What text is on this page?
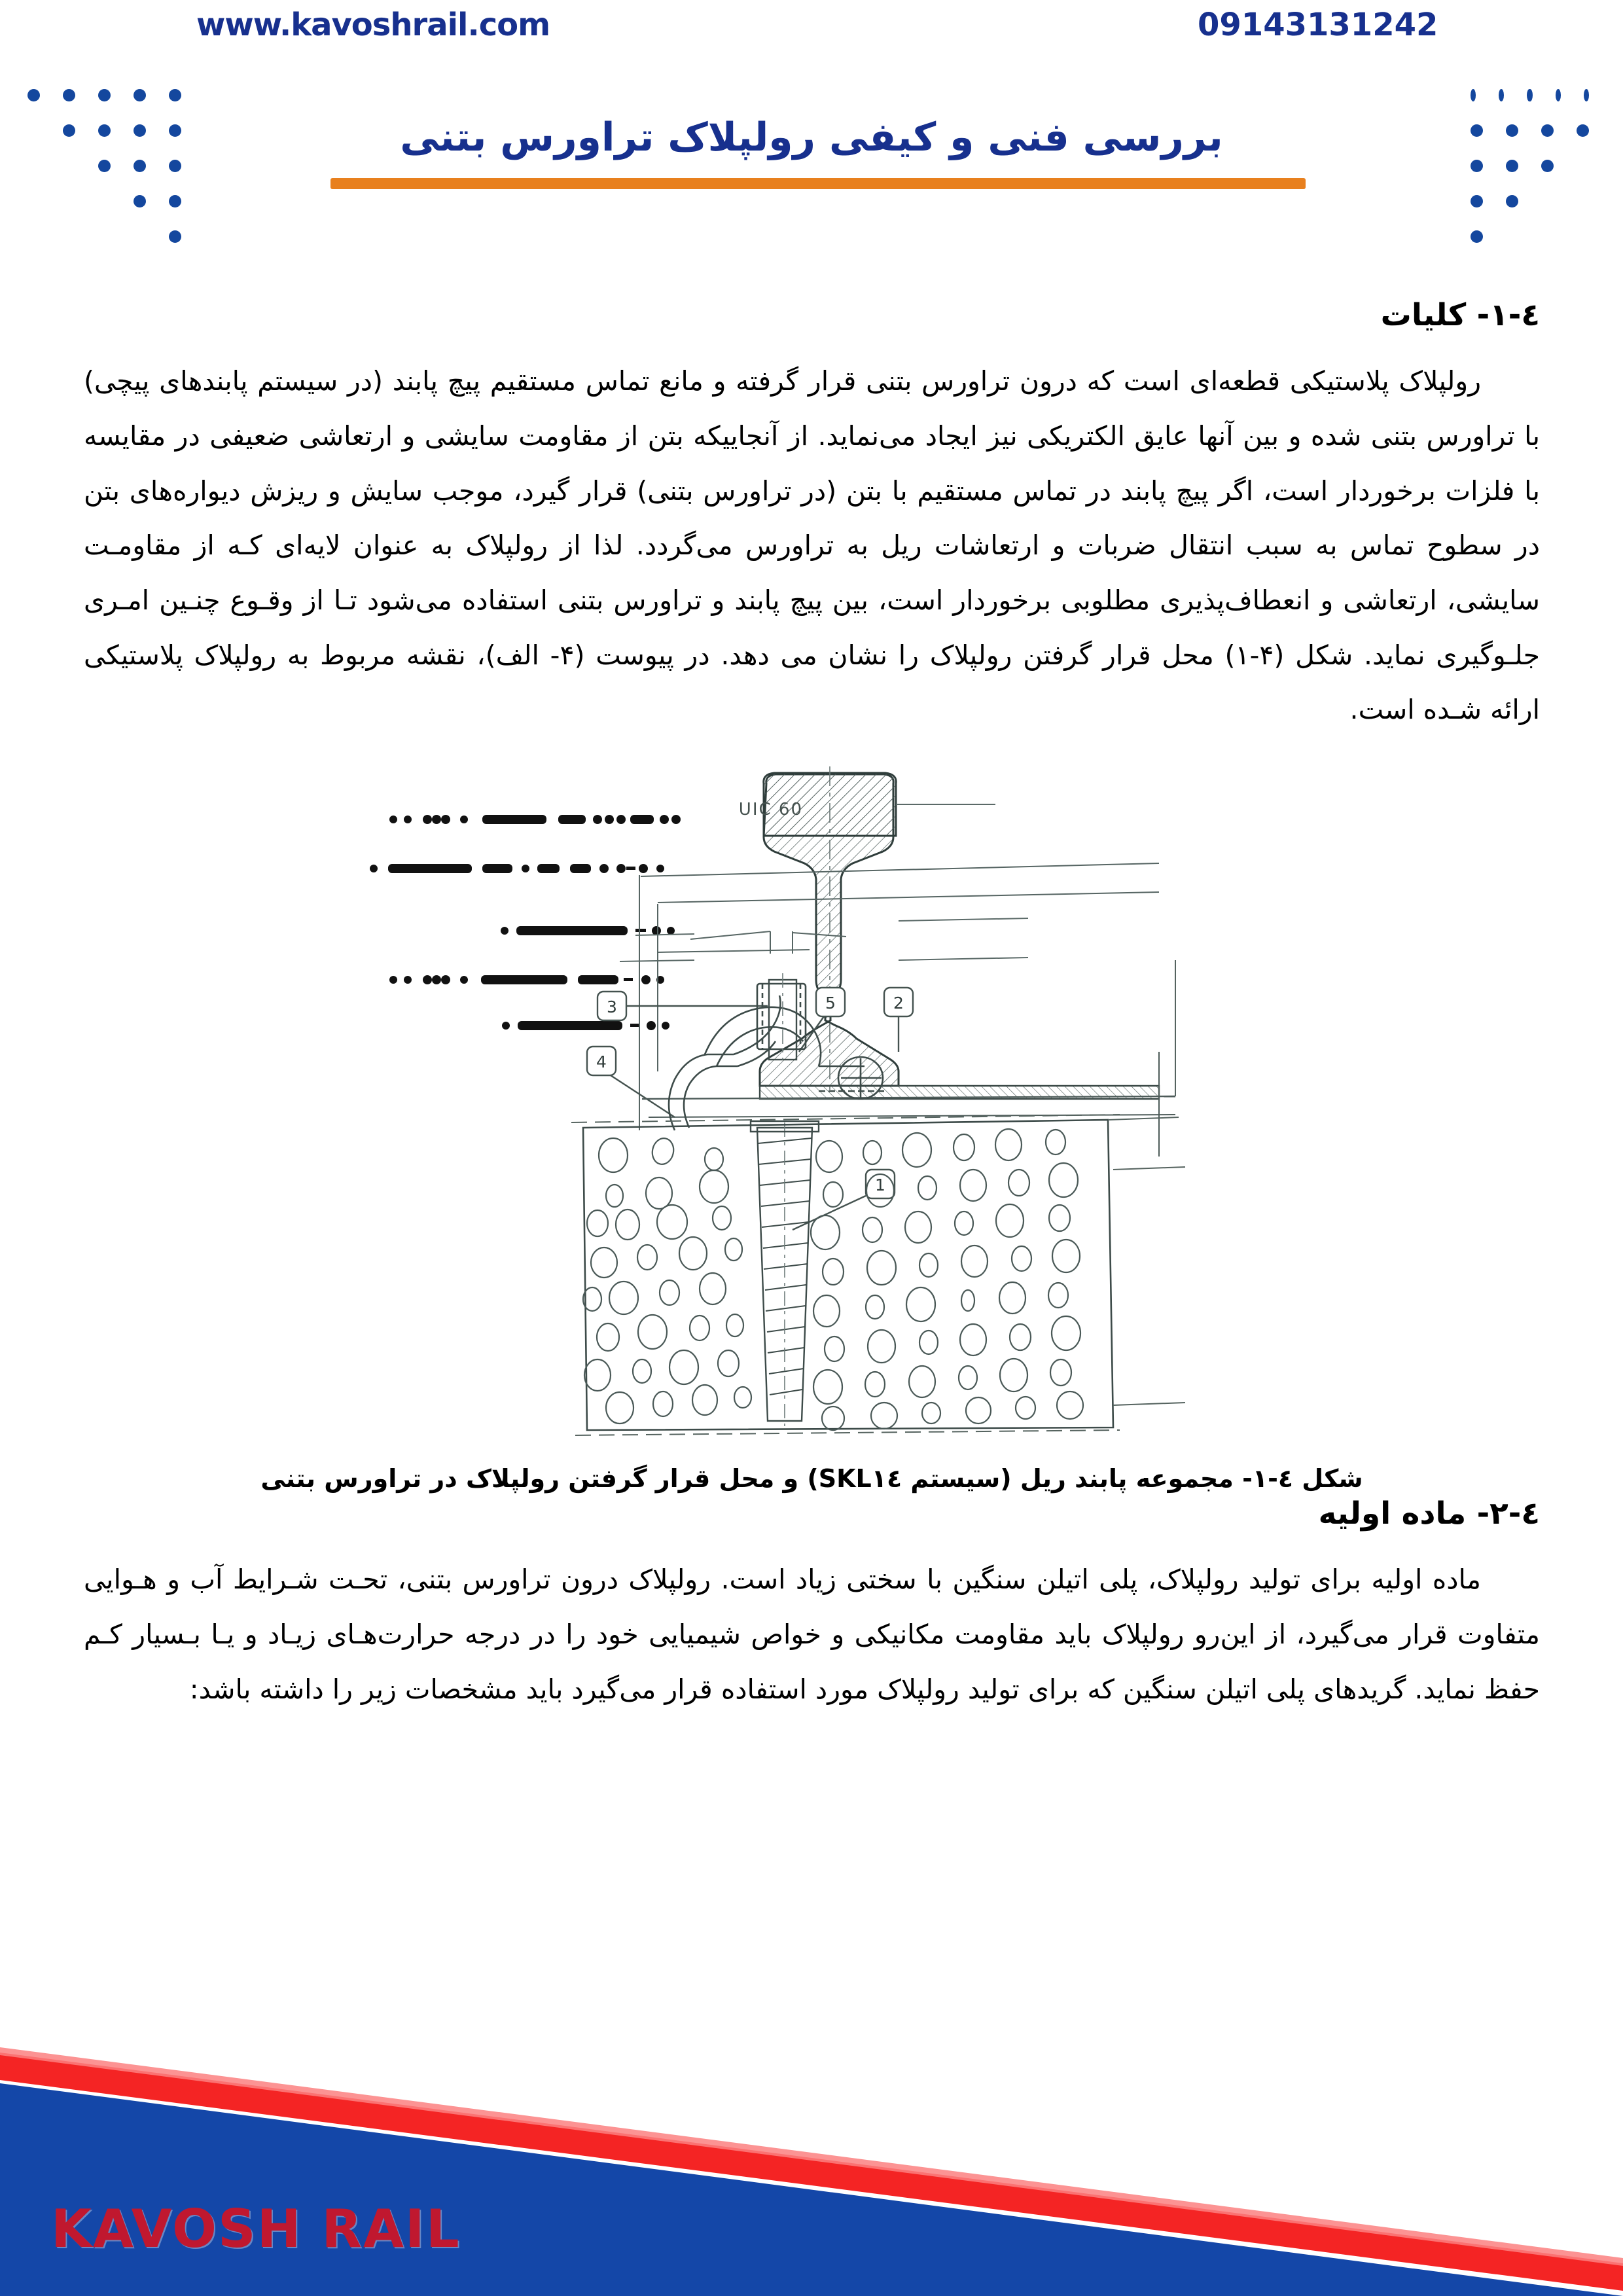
www.kavoshrail.com	09143131242
بررسی فنی و کیفی رولپلاک تراورس بتنی
٤-١- کلیات

رولپلاک پلاستیکی قطعه‌ای است که درون تراورس بتنی قرار گرفته و مانع تماس مستقیم پیچ پابند (در سیستم پابندهای پیچی) با تراورس بتنی شده و بین آنها عایق الکتریکی نیز ایجاد می‌نماید. از آنجاییکه بتن از مقاومت سایشی و ارتعاشی ضعیفی در مقایسه با فلزات برخوردار است، اگر پیچ پابند در تماس مستقیم با بتن (در تراورس بتنی) قرار گیرد، موجب سایش و ریزش دیواره‌های بتن در سطوح تماس به سبب انتقال ضربات و ارتعاشات ریل به تراورس می‌گردد. لذا از رولپلاک به عنوان لایه‌ای کـه از مقاومـت سایشی، ارتعاشی و انعطاف‌پذیری مطلوبی برخوردار است، بین پیچ پابند و تراورس بتنی استفاده می‌شود تـا از وقـوع چنـین امـری جلـوگیری نماید. شکل (۴-۱) محل قرار گرفتن رولپلاک را نشان می دهد. در پیوست (۴- الف)، نقشه مربوط به رولپلاک پلاستیکی ارائه شـده است.

UIC 60
3
4
5	2
1
شکل ٤-١- مجموعه پابند ریل (سیستم SKL١٤) و محل قرار گرفتن رولپلاک در تراورس بتنی
٤-٢- ماده اولیه

ماده اولیه برای تولید رولپلاک، پلی اتیلن سنگین با سختی زیاد است. رولپلاک درون تراورس بتنی، تحـت شـرایط آب و هـوایی متفاوت قرار می‌گیرد، از این‌رو رولپلاک باید مقاومت مکانیکی و خواص شیمیایی خود را در درجه حرارت‌هـای زیـاد و یـا بـسیار کـم حفظ نماید. گریدهای پلی اتیلن سنگین که برای تولید رولپلاک مورد استفاده قرار می‌گیرد باید مشخصات زیر را داشته باشد:

KAVOSH RAIL
